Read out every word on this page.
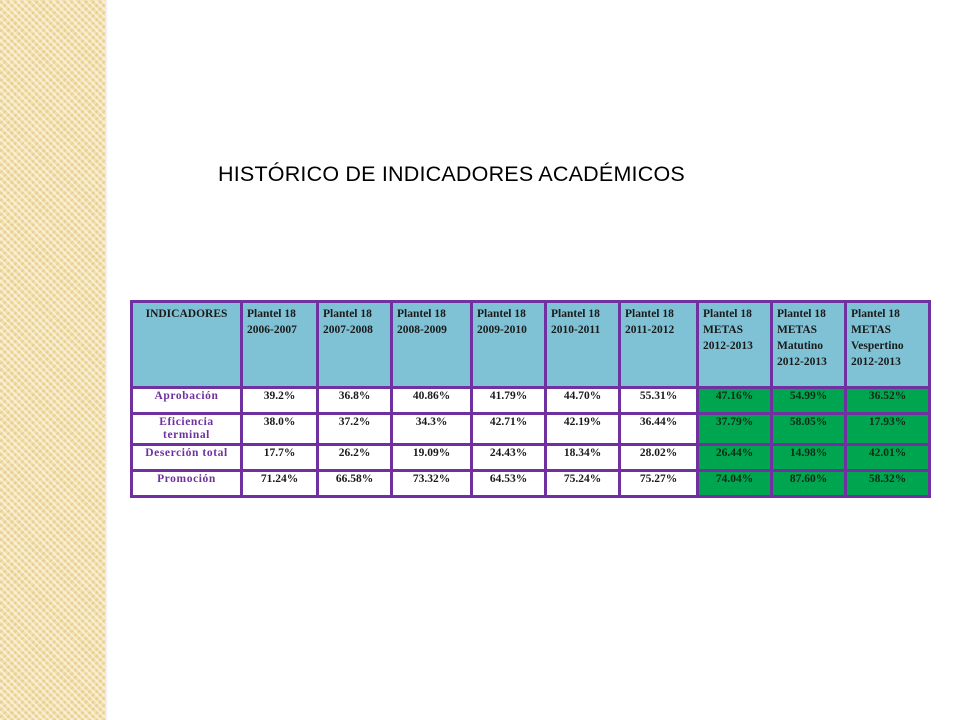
HISTÓRICO DE INDICADORES ACADÉMICOS
INDICADORES	Plantel 18 2006-2007	Plantel 18 2007-2008	Plantel 18 2008-2009	Plantel 18 2009-2010	Plantel 18 2010-2011	Plantel 18 2011-2012	Plantel 18 METAS 2012-2013	Plantel 18 METAS Matutino 2012-2013	Plantel 18 METAS Vespertino 2012-2013
Aprobación	39.2%	36.8%	40.86%	41.79%	44.70%	55.31%	47.16%	54.99%	36.52%
Eficiencia terminal	38.0%	37.2%	34.3%	42.71%	42.19%	36.44%	37.79%	58.05%	17.93%
Deserción total	17.7%	26.2%	19.09%	24.43%	18.34%	28.02%	26.44%	14.98%	42.01%
Promoción	71.24%	66.58%	73.32%	64.53%	75.24%	75.27%	74.04%	87.60%	58.32%
